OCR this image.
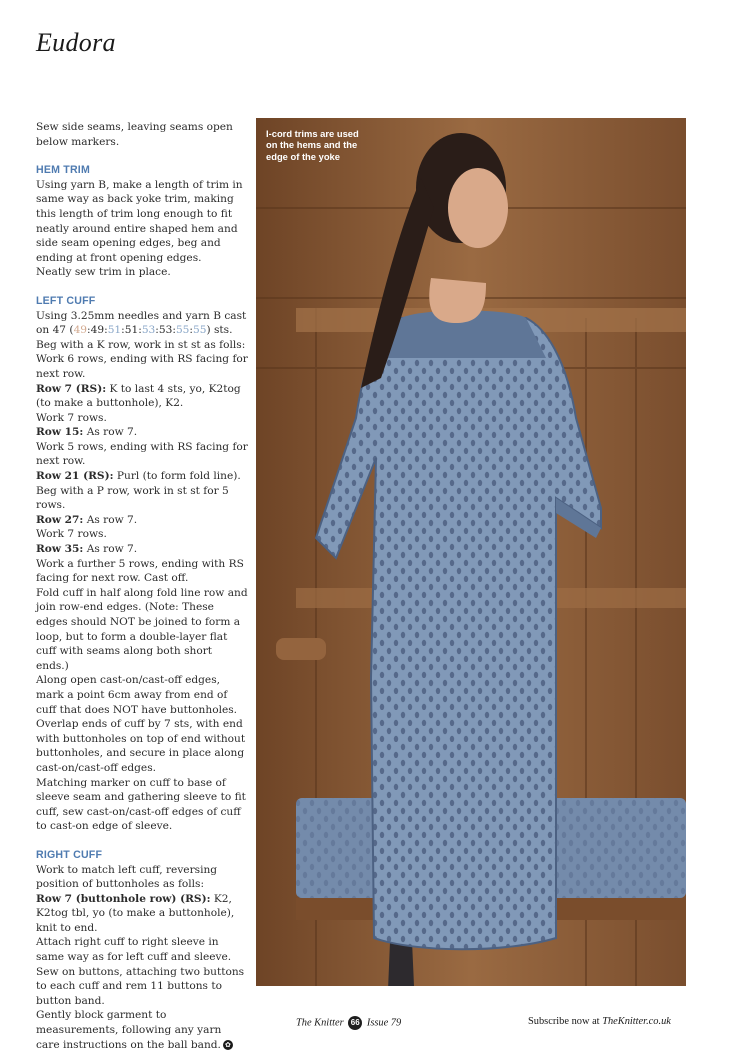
Eudora

Sew side seams, leaving seams open below markers.

HEM TRIM

Using yarn B, make a length of trim in same way as back yoke trim, making this length of trim long enough to fit neatly around entire shaped hem and side seam opening edges, beg and ending at front opening edges.

Neatly sew trim in place.

LEFT CUFF

Using 3.25mm needles and yarn B cast on 47 (49:49:51:51:53:53:55:55) sts.

Beg with a K row, work in st st as folls:

Work 6 rows, ending with RS facing for next row.

Row 7 (RS): K to last 4 sts, yo, K2tog (to make a buttonhole), K2.

Work 7 rows.

Row 15: As row 7.

Work 5 rows, ending with RS facing for next row.

Row 21 (RS): Purl (to form fold line).

Beg with a P row, work in st st for 5 rows.

Row 27: As row 7.

Work 7 rows.

Row 35: As row 7.

Work a further 5 rows, ending with RS facing for next row. Cast off.

Fold cuff in half along fold line row and join row-end edges. (Note: These edges should NOT be joined to form a loop, but to form a double-layer flat cuff with seams along both short ends.)

Along open cast-on/cast-off edges, mark a point 6cm away from end of cuff that does NOT have buttonholes. Overlap ends of cuff by 7 sts, with end with buttonholes on top of end without buttonholes, and secure in place along cast-on/cast-off edges.

Matching marker on cuff to base of sleeve seam and gathering sleeve to fit cuff, sew cast-on/cast-off edges of cuff to cast-on edge of sleeve.

RIGHT CUFF

Work to match left cuff, reversing position of buttonholes as folls:

Row 7 (buttonhole row) (RS): K2, K2tog tbl, yo (to make a buttonhole), knit to end.

Attach right cuff to right sleeve in same way as for left cuff and sleeve.

Sew on buttons, attaching two buttons to each cuff and rem 11 buttons to button band.

Gently block garment to measurements, following any yarn care instructions on the ball band. ✿

I-cord trims are used on the hems and the edge of the yoke
The Knitter 66 Issue 79	Subscribe now at TheKnitter.co.uk
